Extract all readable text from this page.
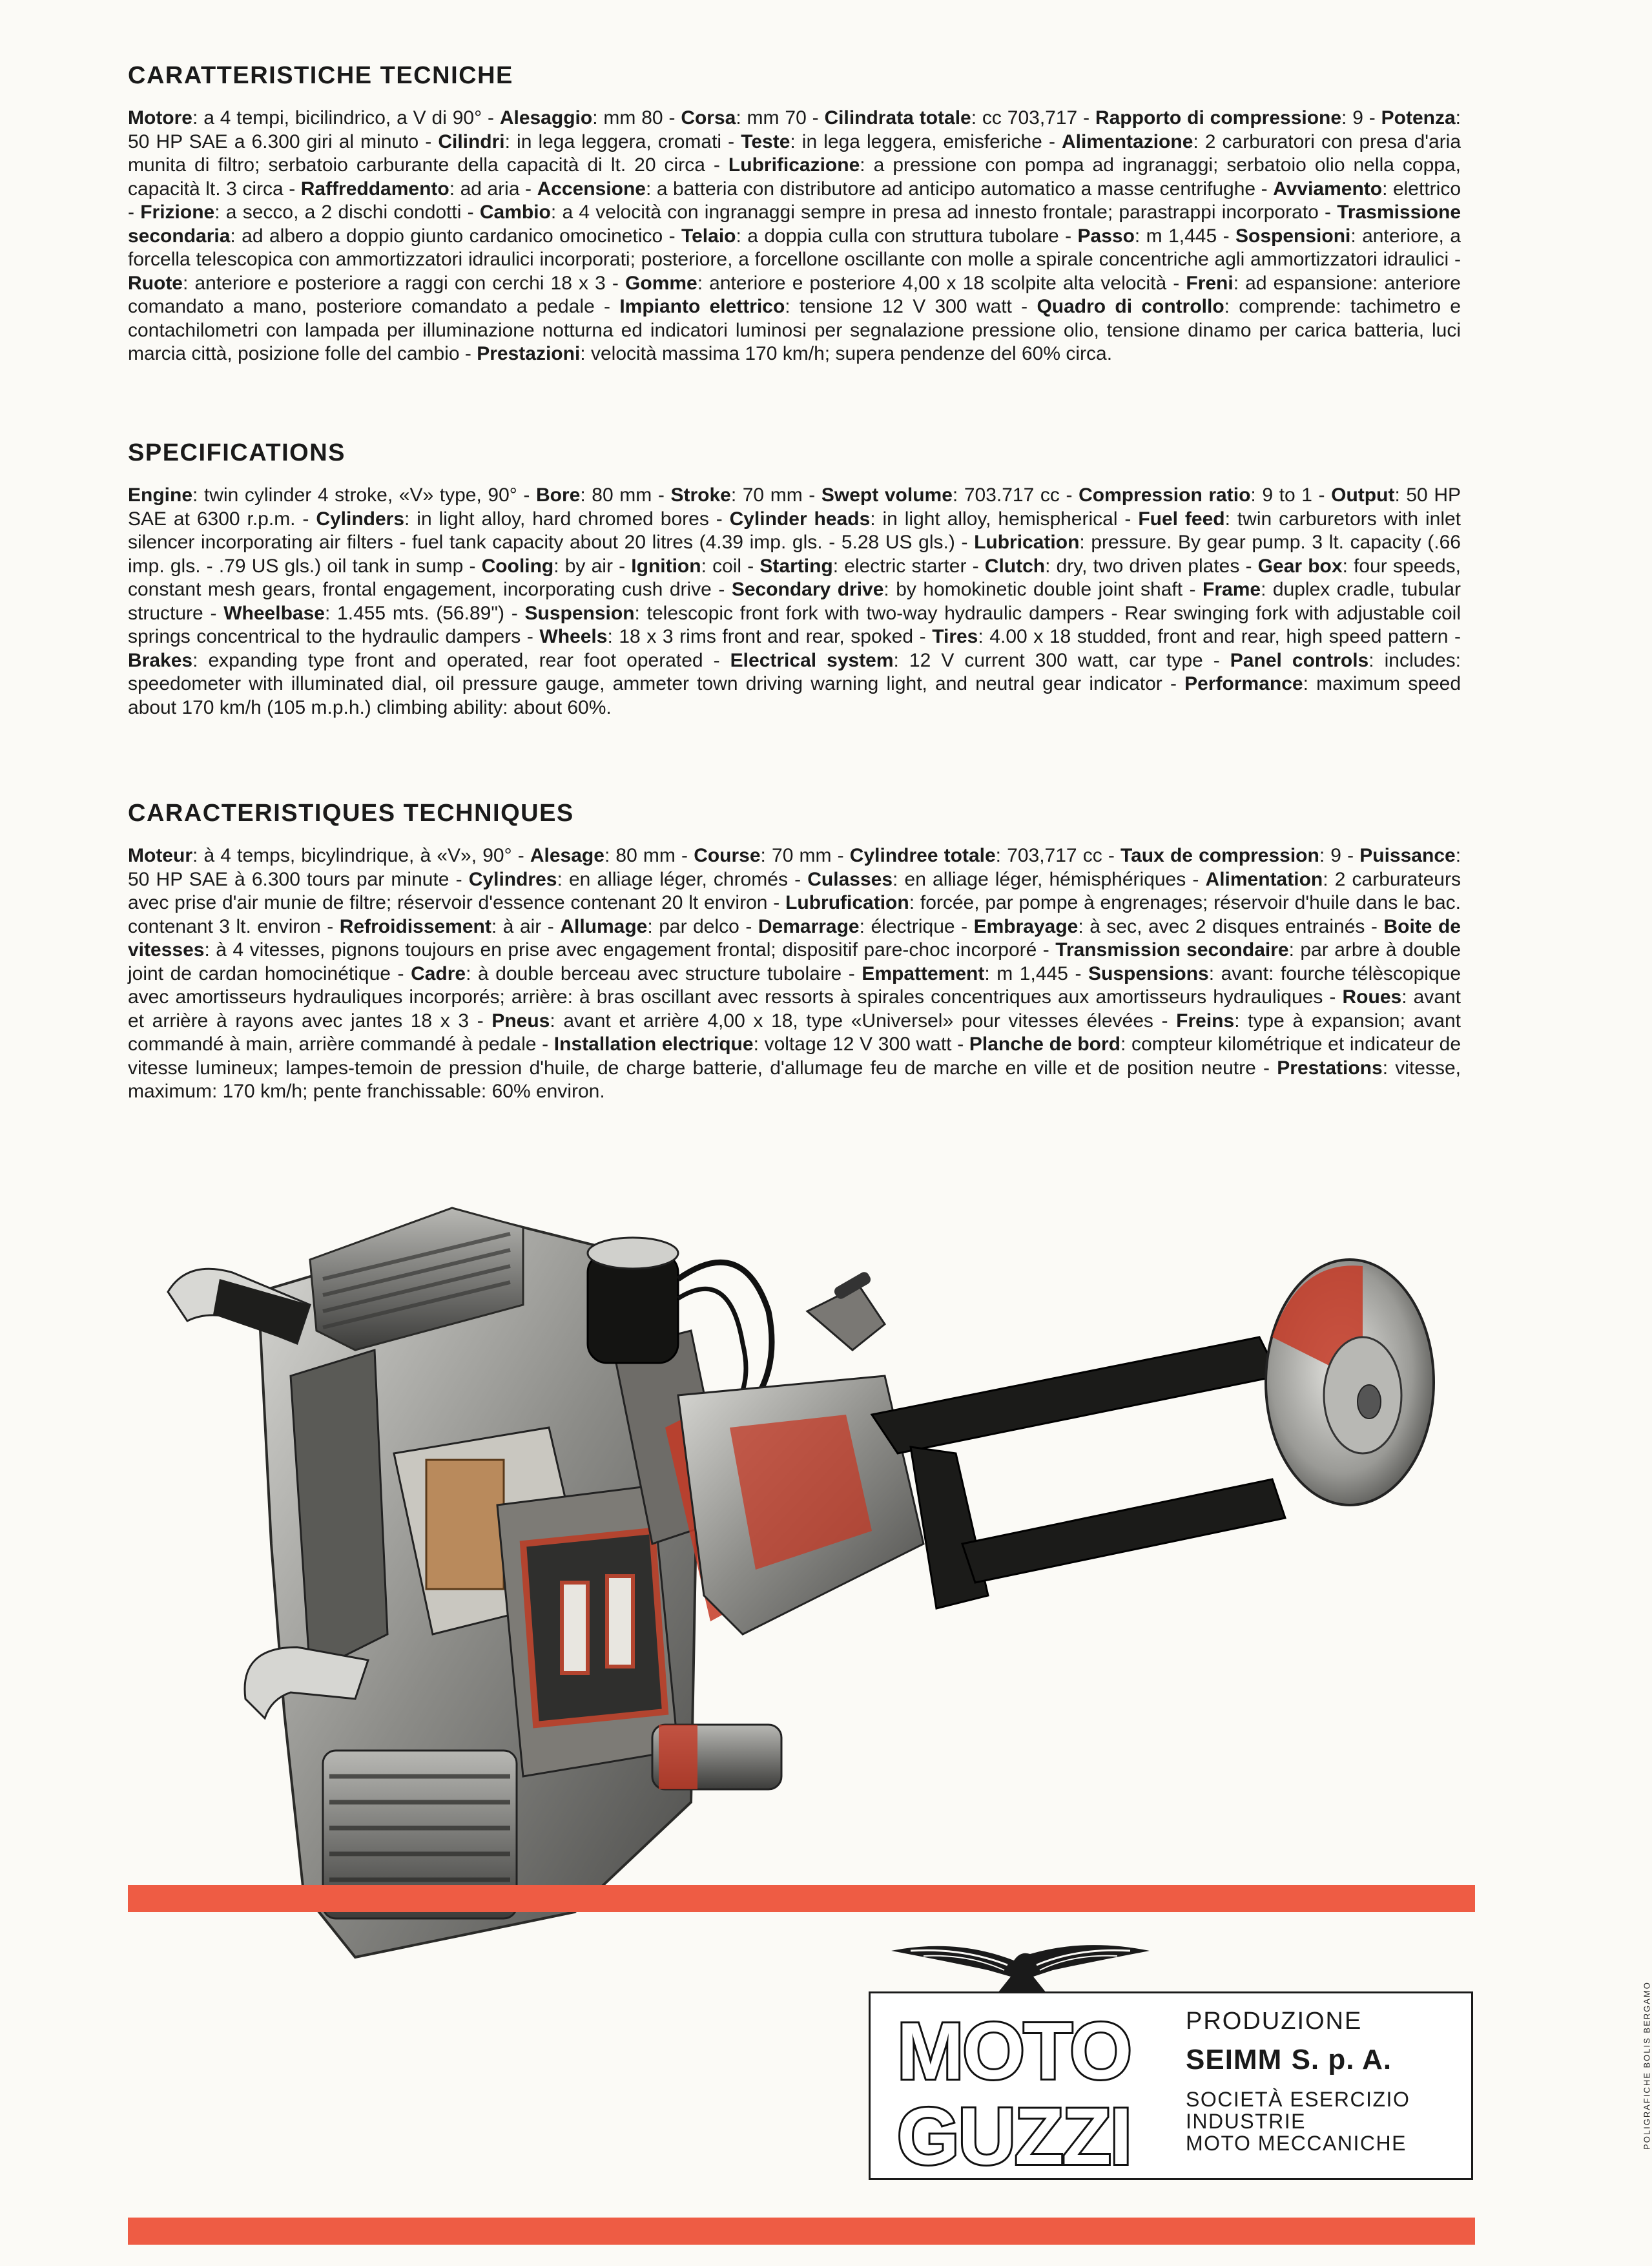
CARATTERISTICHE TECNICHE

Motore: a 4 tempi, bicilindrico, a V di 90° - Alesaggio: mm 80 - Corsa: mm 70 - Cilindrata totale: cc 703,717 - Rapporto di compressione: 9 - Potenza: 50 HP SAE a 6.300 giri al minuto - Cilindri: in lega leggera, cromati - Teste: in lega leggera, emisferiche - Alimentazione: 2 carburatori con presa d'aria munita di filtro; serbatoio carburante della capacità di lt. 20 circa - Lubrificazione: a pressione con pompa ad ingranaggi; serbatoio olio nella coppa, capacità lt. 3 circa - Raffreddamento: ad aria - Accensione: a batteria con distributore ad anticipo automatico a masse centrifughe - Avviamento: elettrico - Frizione: a secco, a 2 dischi condotti - Cambio: a 4 velocità con ingranaggi sempre in presa ad innesto frontale; parastrappi incorporato - Trasmissione secondaria: ad albero a doppio giunto cardanico omocinetico - Telaio: a doppia culla con struttura tubolare - Passo: m 1,445 - Sospensioni: anteriore, a forcella telescopica con ammortizzatori idraulici incorporati; posteriore, a forcellone oscillante con molle a spirale concentriche agli ammortizzatori idraulici - Ruote: anteriore e posteriore a raggi con cerchi 18 x 3 - Gomme: anteriore e posteriore 4,00 x 18 scolpite alta velocità - Freni: ad espansione: anteriore comandato a mano, posteriore comandato a pedale - Impianto elettrico: tensione 12 V 300 watt - Quadro di controllo: comprende: tachimetro e contachilometri con lampada per illuminazione notturna ed indicatori luminosi per segnalazione pressione olio, tensione dinamo per carica batteria, luci marcia città, posizione folle del cambio - Prestazioni: velocità massima 170 km/h; supera pendenze del 60% circa.

SPECIFICATIONS

Engine: twin cylinder 4 stroke, «V» type, 90° - Bore: 80 mm - Stroke: 70 mm - Swept volume: 703.717 cc - Compression ratio: 9 to 1 - Output: 50 HP SAE at 6300 r.p.m. - Cylinders: in light alloy, hard chromed bores - Cylinder heads: in light alloy, hemispherical - Fuel feed: twin carburetors with inlet silencer incorporating air filters - fuel tank capacity about 20 litres (4.39 imp. gls. - 5.28 US gls.) - Lubrication: pressure. By gear pump. 3 lt. capacity (.66 imp. gls. - .79 US gls.) oil tank in sump - Cooling: by air - Ignition: coil - Starting: electric starter - Clutch: dry, two driven plates - Gear box: four speeds, constant mesh gears, frontal engagement, incorporating cush drive - Secondary drive: by homokinetic double joint shaft - Frame: duplex cradle, tubular structure - Wheelbase: 1.455 mts. (56.89") - Suspension: telescopic front fork with two-way hydraulic dampers - Rear swinging fork with adjustable coil springs concentrical to the hydraulic dampers - Wheels: 18 x 3 rims front and rear, spoked - Tires: 4.00 x 18 studded, front and rear, high speed pattern - Brakes: expanding type front and operated, rear foot operated - Electrical system: 12 V current 300 watt, car type - Panel controls: includes: speedometer with illuminated dial, oil pressure gauge, ammeter town driving warning light, and neutral gear indicator - Performance: maximum speed about 170 km/h (105 m.p.h.) climbing ability: about 60%.

CARACTERISTIQUES TECHNIQUES

Moteur: à 4 temps, bicylindrique, à «V», 90° - Alesage: 80 mm - Course: 70 mm - Cylindree totale: 703,717 cc - Taux de compression: 9 - Puissance: 50 HP SAE à 6.300 tours par minute - Cylindres: en alliage léger, chromés - Culasses: en alliage léger, hémisphériques - Alimentation: 2 carburateurs avec prise d'air munie de filtre; réservoir d'essence contenant 20 lt environ - Lubrufication: forcée, par pompe à engrenages; réservoir d'huile dans le bac. contenant 3 lt. environ - Refroidissement: à air - Allumage: par delco - Demarrage: électrique - Embrayage: à sec, avec 2 disques entrainés - Boite de vitesses: à 4 vitesses, pignons toujours en prise avec engagement frontal; dispositif pare-choc incorporé - Transmission secondaire: par arbre à double joint de cardan homocinétique - Cadre: à double berceau avec structure tubolaire - Empattement: m 1,445 - Suspensions: avant: fourche télèscopique avec amortisseurs hydrauliques incorporés; arrière: à bras oscillant avec ressorts à spirales concentriques aux amortisseurs hydrauliques - Roues: avant et arrière à rayons avec jantes 18 x 3 - Pneus: avant et arrière 4,00 x 18, type «Universel» pour vitesses élevées - Freins: type à expansion; avant commandé à main, arrière commandé à pedale - Installation electrique: voltage 12 V 300 watt - Planche de bord: compteur kilométrique et indicateur de vitesse lumineux; lampes-temoin de pression d'huile, de charge batterie, d'allumage feu de marche en ville et de position neutre - Prestations: vitesse, maximum: 170 km/h; pente franchissable: 60% environ.

MOTO
GUZZI
PRODUZIONE
SEIMM S. p. A.
SOCIETÀ ESERCIZIO
INDUSTRIE
MOTO MECCANICHE	POLIGRAFICHE BOLIS BERGAMO
